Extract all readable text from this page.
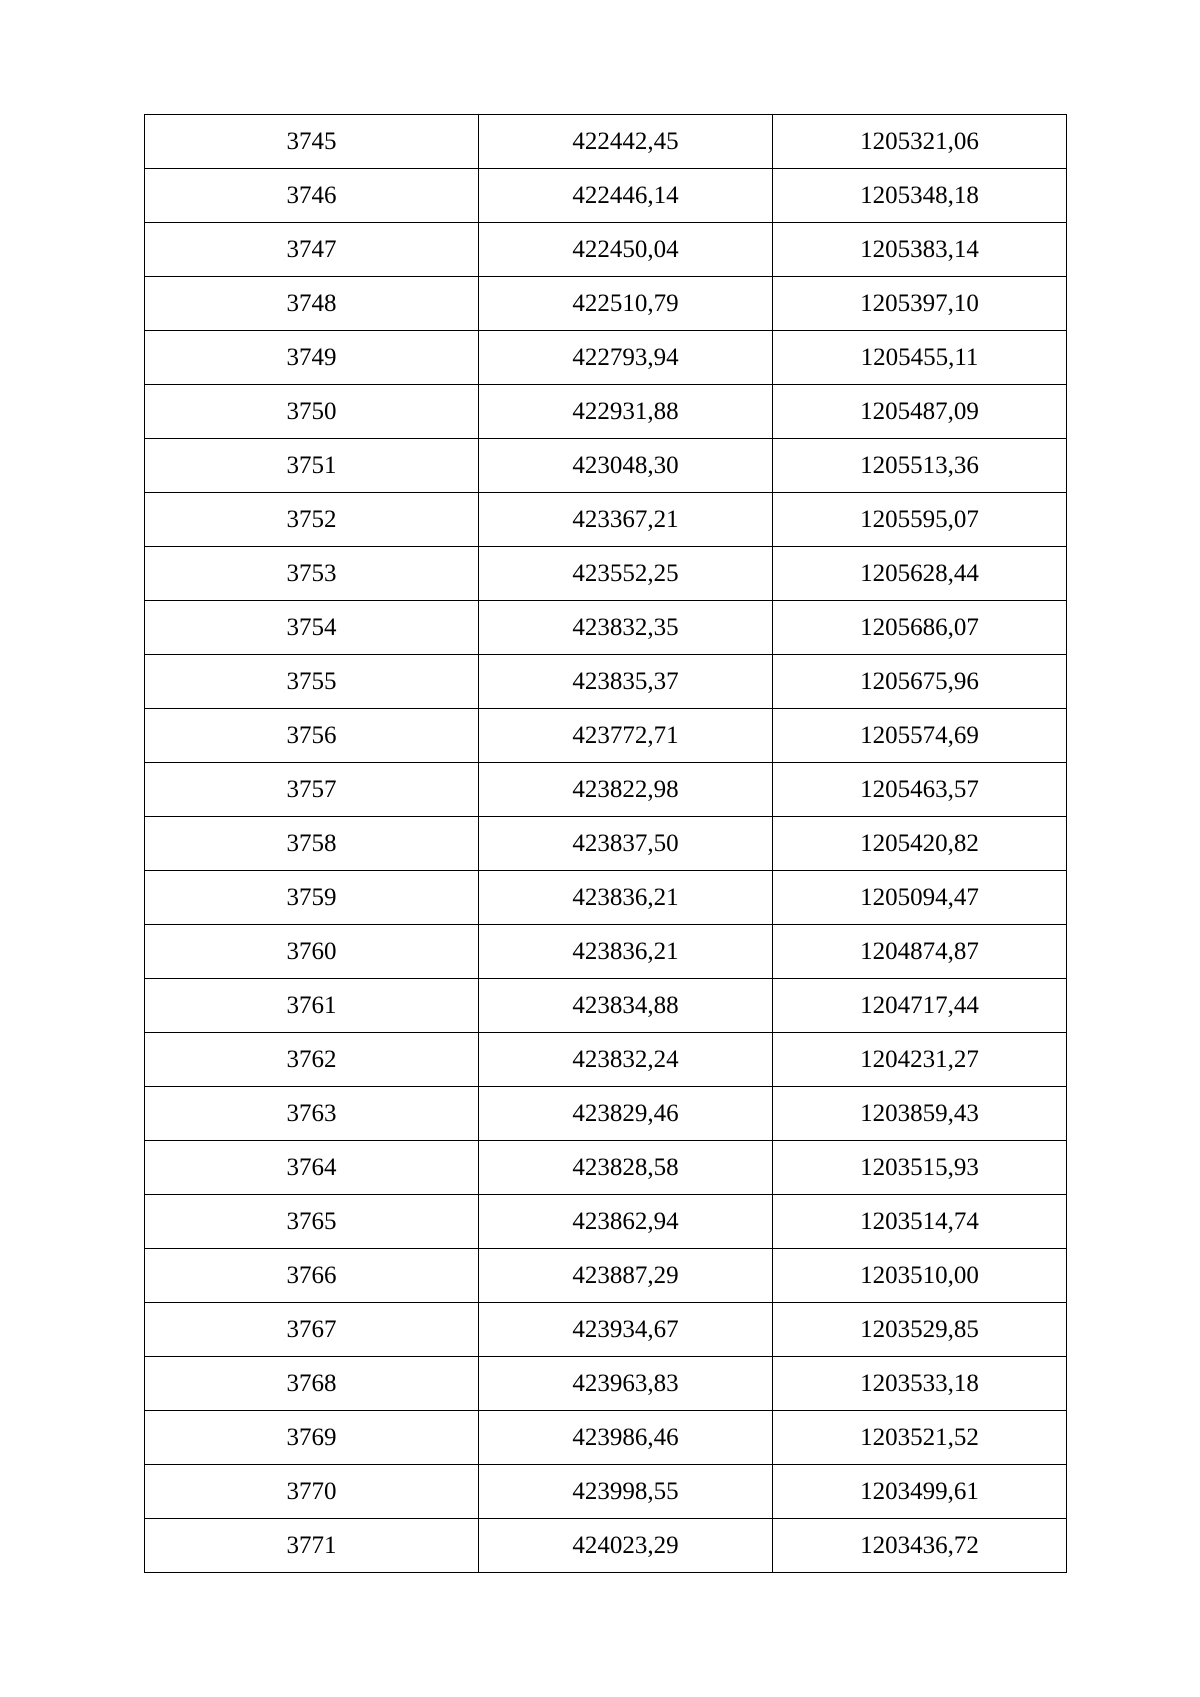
3745	422442,45	1205321,06
3746	422446,14	1205348,18
3747	422450,04	1205383,14
3748	422510,79	1205397,10
3749	422793,94	1205455,11
3750	422931,88	1205487,09
3751	423048,30	1205513,36
3752	423367,21	1205595,07
3753	423552,25	1205628,44
3754	423832,35	1205686,07
3755	423835,37	1205675,96
3756	423772,71	1205574,69
3757	423822,98	1205463,57
3758	423837,50	1205420,82
3759	423836,21	1205094,47
3760	423836,21	1204874,87
3761	423834,88	1204717,44
3762	423832,24	1204231,27
3763	423829,46	1203859,43
3764	423828,58	1203515,93
3765	423862,94	1203514,74
3766	423887,29	1203510,00
3767	423934,67	1203529,85
3768	423963,83	1203533,18
3769	423986,46	1203521,52
3770	423998,55	1203499,61
3771	424023,29	1203436,72
